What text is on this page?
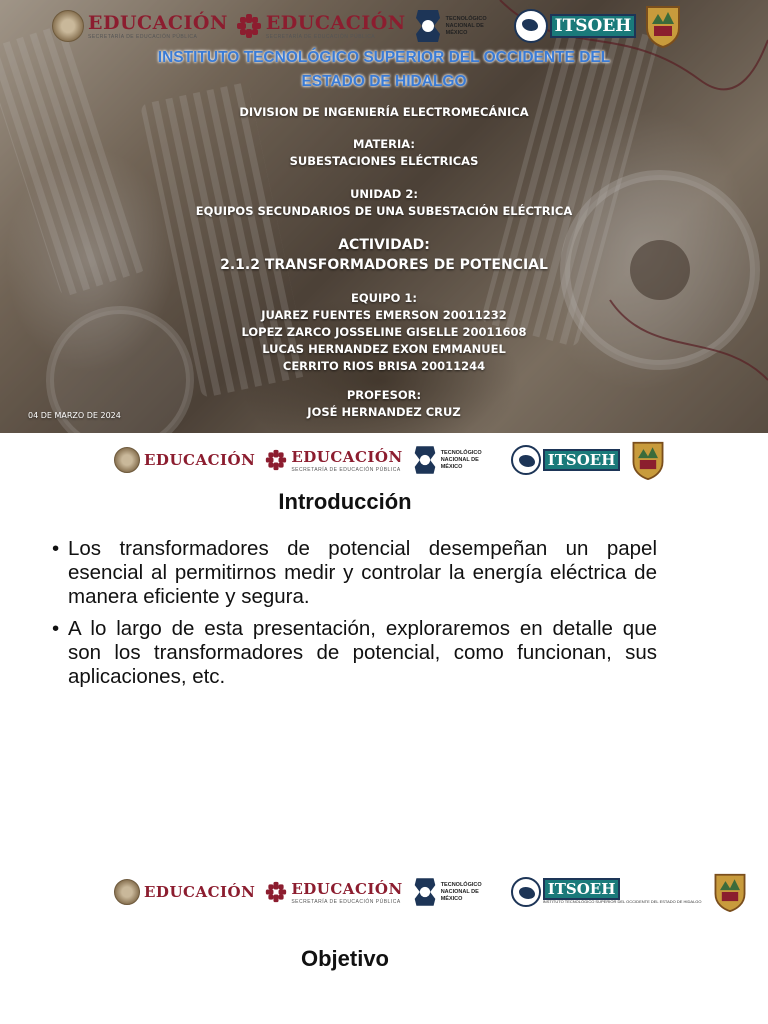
EDUCACIÓN
SECRETARÍA DE EDUCACIÓN PÚBLICA
EDUCACIÓN
SECRETARÍA DE EDUCACIÓN PÚBLICA
TECNOLÓGICO NACIONAL DE MÉXICO	ITSOEH
INSTITUTO TECNOLÓGICO SUPERIOR DEL OCCIDENTE DEL
ESTADO DE HIDALGO
DIVISION DE INGENIERÍA ELECTROMECÁNICA
MATERIA:
SUBESTACIONES ELÉCTRICAS
UNIDAD 2:
EQUIPOS SECUNDARIOS DE UNA SUBESTACIÓN ELÉCTRICA
ACTIVIDAD:
2.1.2 TRANSFORMADORES DE POTENCIAL
EQUIPO 1:
JUAREZ FUENTES EMERSON 20011232
LOPEZ ZARCO JOSSELINE GISELLE 20011608
LUCAS HERNANDEZ EXON EMMANUEL
CERRITO RIOS BRISA 20011244
PROFESOR:
JOSÉ HERNANDEZ CRUZ
04 DE MARZO DE 2024
EDUCACIÓN EDUCACIÓN
SECRETARÍA DE EDUCACIÓN PÚBLICA
TECNOLÓGICO NACIONAL DE MÉXICO	ITSOEH
Introducción
• Los transformadores de potencial desempeñan un papel esencial al permitirnos medir y controlar la energía eléctrica de manera eficiente y segura.
• A lo largo de esta presentación, exploraremos en detalle que son los transformadores de potencial, como funcionan, sus aplicaciones, etc.
EDUCACIÓN EDUCACIÓN
SECRETARÍA DE EDUCACIÓN PÚBLICA
TECNOLÓGICO NACIONAL DE MÉXICO
ITSOEH
INSTITUTO TECNOLÓGICO SUPERIOR DEL OCCIDENTE DEL ESTADO DE HIDALGO
Objetivo
